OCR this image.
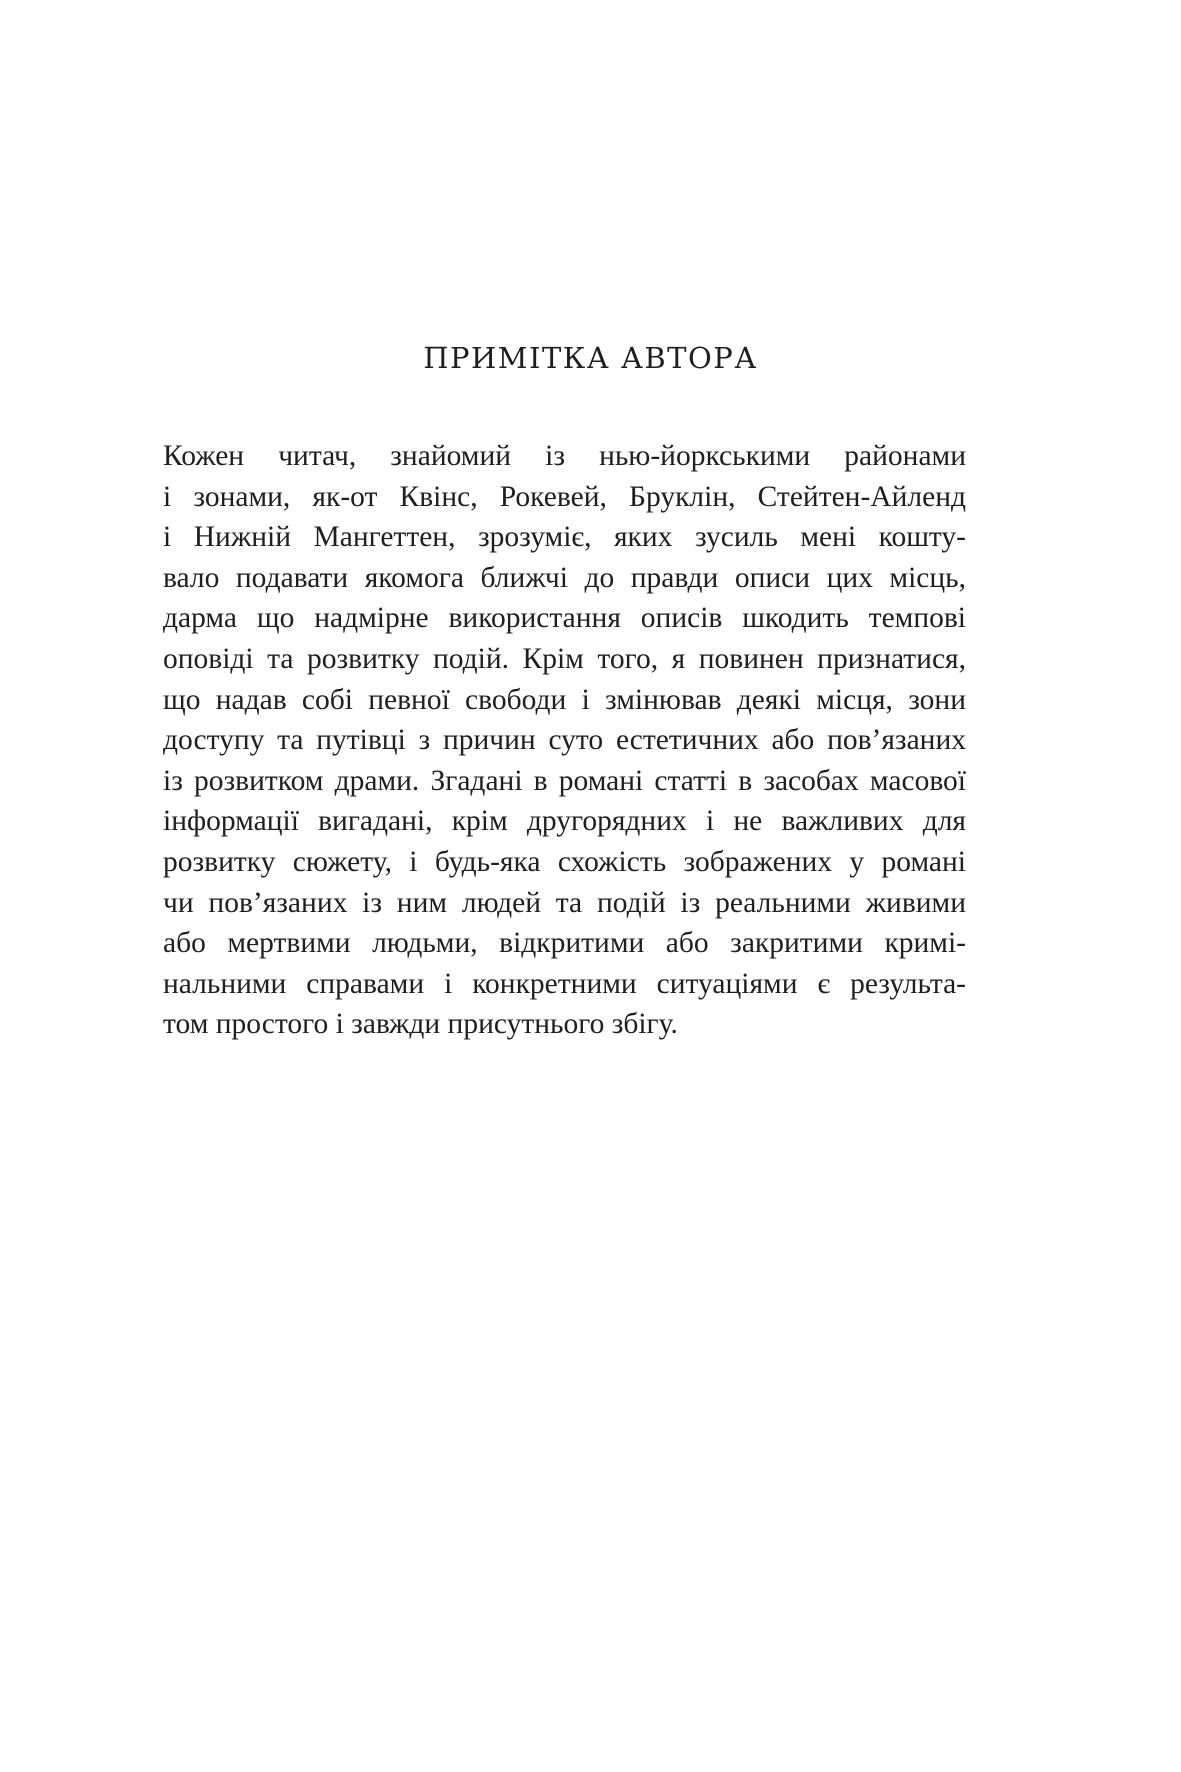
ПРИМІТКА АВТОРА
Кожен читач, знайомий із нью-йоркськими районами
і зонами, як-от Квінс, Рокевей, Бруклін, Стейтен-Айленд
і Нижній Мангеттен, зрозуміє, яких зусиль мені кошту-
вало подавати якомога ближчі до правди описи цих місць,
дарма що надмірне використання описів шкодить темпові
оповіді та розвитку подій. Крім того, я повинен признатися,
що надав собі певної свободи і змінював деякі місця, зони
доступу та путівці з причин суто естетичних або пов’язаних
із розвитком драми. Згадані в романі статті в засобах масової
інформації вигадані, крім другорядних і не важливих для
розвитку сюжету, і будь-яка схожість зображених у романі
чи пов’язаних із ним людей та подій із реальними живими
або мертвими людьми, відкритими або закритими кримі-
нальними справами і конкретними ситуаціями є результа-
том простого і завжди присутнього збігу.
